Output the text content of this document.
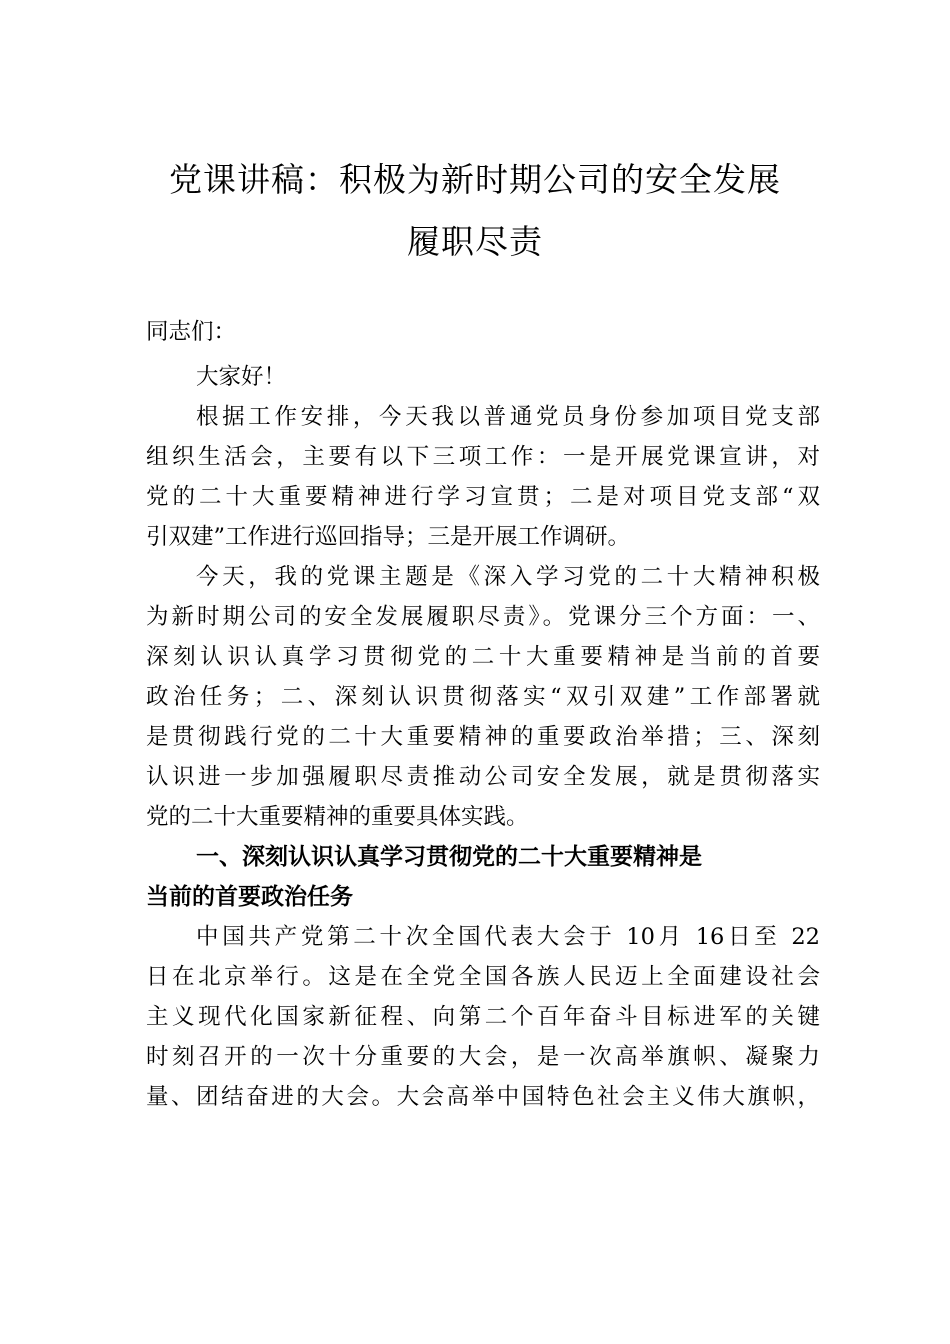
党课讲稿：积极为新时期公司的安全发展
履职尽责
同志们：
大家好！
根据工作安排，今天我以普通党员身份参加项目党支部
组织生活会，主要有以下三项工作：一是开展党课宣讲，对
党的二十大重要精神进行学习宣贯；二是对项目党支部“双
引双建”工作进行巡回指导；三是开展工作调研。
今天，我的党课主题是《深入学习党的二十大精神积极
为新时期公司的安全发展履职尽责》。党课分三个方面：一、
深刻认识认真学习贯彻党的二十大重要精神是当前的首要
政治任务；二、深刻认识贯彻落实“双引双建”工作部署就
是贯彻践行党的二十大重要精神的重要政治举措；三、深刻
认识进一步加强履职尽责推动公司安全发展，就是贯彻落实
党的二十大重要精神的重要具体实践。
一、深刻认识认真学习贯彻党的二十大重要精神是
当前的首要政治任务
中国共产党第二十次全国代表大会于 10月 16日至 22
日在北京举行。这是在全党全国各族人民迈上全面建设社会
主义现代化国家新征程、向第二个百年奋斗目标进军的关键
时刻召开的一次十分重要的大会，是一次高举旗帜、凝聚力
量、团结奋进的大会。大会高举中国特色社会主义伟大旗帜，
